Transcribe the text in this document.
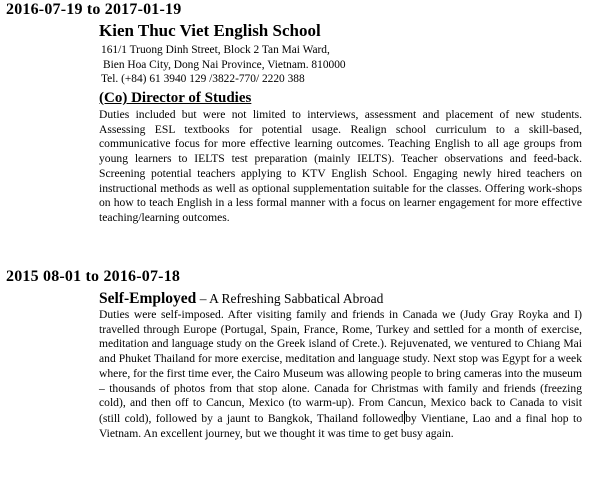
2016-07-19 to 2017-01-19
Kien Thuc Viet English School
161/1 Truong Dinh Street, Block 2 Tan Mai Ward,
Bien Hoa City, Dong Nai Province, Vietnam. 810000
Tel. (+84) 61 3940 129 /3822-770/ 2220 388
(Co) Director of Studies
Duties included but were not limited to interviews, assessment and placement of new students. Assessing ESL textbooks for potential usage. Realign school curriculum to a skill-based, communicative focus for more effective learning outcomes. Teaching English to all age groups from young learners to IELTS test preparation (mainly IELTS). Teacher observations and feed-back. Screening potential teachers applying to KTV English School. Engaging newly hired teachers on instructional methods as well as optional supplementation suitable for the classes. Offering work-shops on how to teach English in a less formal manner with a focus on learner engagement for more effective teaching/learning outcomes.
2015 08-01 to 2016-07-18
Self-Employed – A Refreshing Sabbatical Abroad
Duties were self-imposed. After visiting family and friends in Canada we (Judy Gray Royka and I) travelled through Europe (Portugal, Spain, France, Rome, Turkey and settled for a month of exercise, meditation and language study on the Greek island of Crete.). Rejuvenated, we ventured to Chiang Mai and Phuket Thailand for more exercise, meditation and language study. Next stop was Egypt for a week where, for the first time ever, the Cairo Museum was allowing people to bring cameras into the museum – thousands of photos from that stop alone. Canada for Christmas with family and friends (freezing cold), and then off to Cancun, Mexico (to warm-up). From Cancun, Mexico back to Canada to visit (still cold), followed by a jaunt to Bangkok, Thailand followed by Vientiane, Lao and a final hop to Vietnam. An excellent journey, but we thought it was time to get busy again.
